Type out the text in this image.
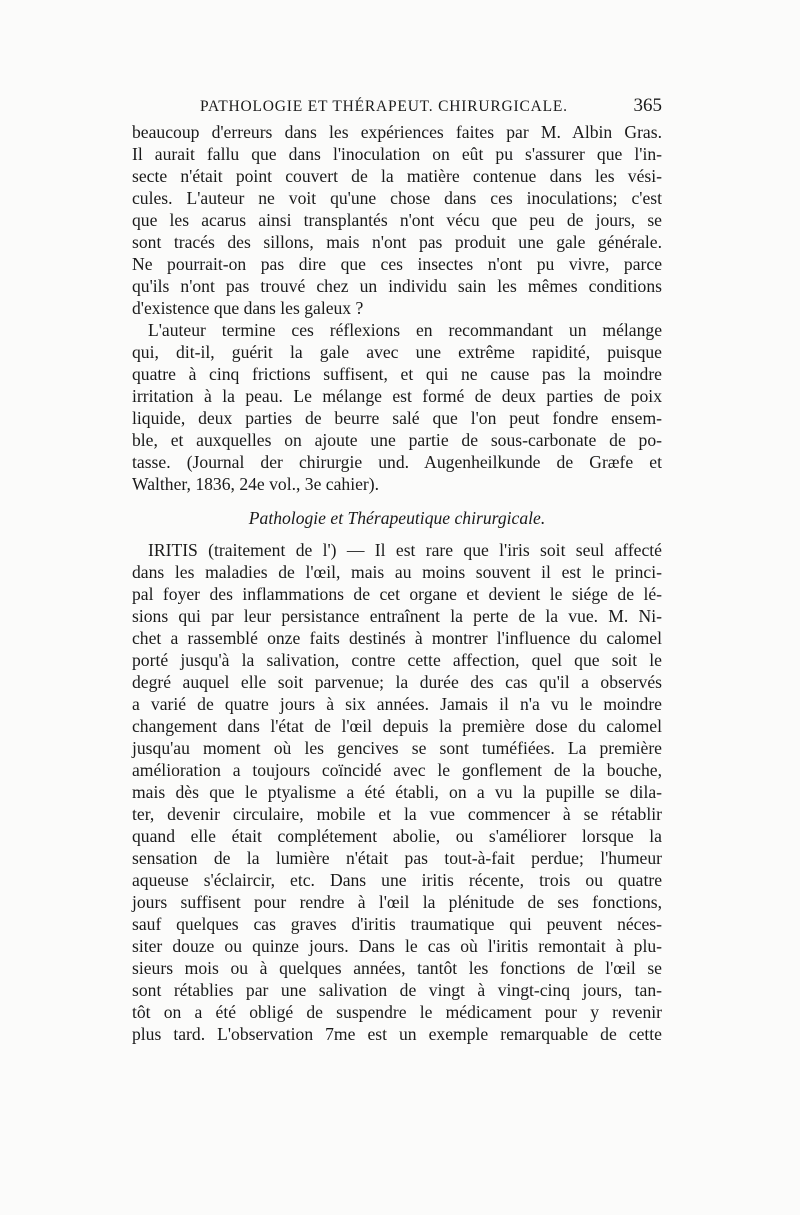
PATHOLOGIE ET THÉRAPEUT. CHIRURGICALE.	365
beaucoup d'erreurs dans les expériences faites par M. Albin Gras.
Il aurait fallu que dans l'inoculation on eût pu s'assurer que l'in-
secte n'était point couvert de la matière contenue dans les vési-
cules. L'auteur ne voit qu'une chose dans ces inoculations; c'est
que les acarus ainsi transplantés n'ont vécu que peu de jours, se
sont tracés des sillons, mais n'ont pas produit une gale générale.
Ne pourrait-on pas dire que ces insectes n'ont pu vivre, parce
qu'ils n'ont pas trouvé chez un individu sain les mêmes conditions
d'existence que dans les galeux ?
L'auteur termine ces réflexions en recommandant un mélange
qui, dit-il, guérit la gale avec une extrême rapidité, puisque
quatre à cinq frictions suffisent, et qui ne cause pas la moindre
irritation à la peau. Le mélange est formé de deux parties de poix
liquide, deux parties de beurre salé que l'on peut fondre ensem-
ble, et auxquelles on ajoute une partie de sous-carbonate de po-
tasse. (Journal der chirurgie und. Augenheilkunde de Græfe et
Walther, 1836, 24e vol., 3e cahier).
Pathologie et Thérapeutique chirurgicale.
IRITIS (traitement de l') — Il est rare que l'iris soit seul affecté
dans les maladies de l'œil, mais au moins souvent il est le princi-
pal foyer des inflammations de cet organe et devient le siége de lé-
sions qui par leur persistance entraînent la perte de la vue. M. Ni-
chet a rassemblé onze faits destinés à montrer l'influence du calomel
porté jusqu'à la salivation, contre cette affection, quel que soit le
degré auquel elle soit parvenue; la durée des cas qu'il a observés
a varié de quatre jours à six années. Jamais il n'a vu le moindre
changement dans l'état de l'œil depuis la première dose du calomel
jusqu'au moment où les gencives se sont tuméfiées. La première
amélioration a toujours coïncidé avec le gonflement de la bouche,
mais dès que le ptyalisme a été établi, on a vu la pupille se dila-
ter, devenir circulaire, mobile et la vue commencer à se rétablir
quand elle était complétement abolie, ou s'améliorer lorsque la
sensation de la lumière n'était pas tout-à-fait perdue; l'humeur
aqueuse s'éclaircir, etc. Dans une iritis récente, trois ou quatre
jours suffisent pour rendre à l'œil la plénitude de ses fonctions,
sauf quelques cas graves d'iritis traumatique qui peuvent néces-
siter douze ou quinze jours. Dans le cas où l'iritis remontait à plu-
sieurs mois ou à quelques années, tantôt les fonctions de l'œil se
sont rétablies par une salivation de vingt à vingt-cinq jours, tan-
tôt on a été obligé de suspendre le médicament pour y revenir
plus tard. L'observation 7me est un exemple remarquable de cette
